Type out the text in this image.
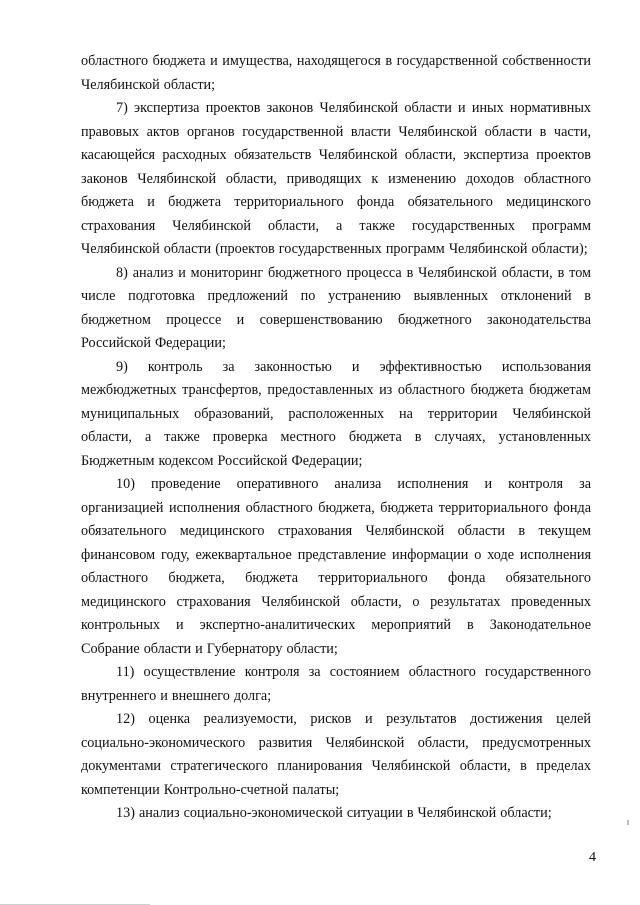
областного бюджета и имущества, находящегося в государственной собственности Челябинской области;

7) экспертиза проектов законов Челябинской области и иных нормативных правовых актов органов государственной власти Челябинской области в части, касающейся расходных обязательств Челябинской области, экспертиза проектов законов Челябинской области, приводящих к изменению доходов областного бюджета и бюджета территориального фонда обязательного медицинского страхования Челябинской области, а также государственных программ Челябинской области (проектов государственных программ Челябинской области);

8) анализ и мониторинг бюджетного процесса в Челябинской области, в том числе подготовка предложений по устранению выявленных отклонений в бюджетном процессе и совершенствованию бюджетного законодательства Российской Федерации;

9) контроль за законностью и эффективностью использования межбюджетных трансфертов, предоставленных из областного бюджета бюджетам муниципальных образований, расположенных на территории Челябинской области, а также проверка местного бюджета в случаях, установленных Бюджетным кодексом Российской Федерации;

10) проведение оперативного анализа исполнения и контроля за организацией исполнения областного бюджета, бюджета территориального фонда обязательного медицинского страхования Челябинской области в текущем финансовом году, ежеквартальное представление информации о ходе исполнения областного бюджета, бюджета территориального фонда обязательного медицинского страхования Челябинской области, о результатах проведенных контрольных и экспертно-аналитических мероприятий в Законодательное Собрание области и Губернатору области;

11) осуществление контроля за состоянием областного государственного внутреннего и внешнего долга;

12) оценка реализуемости, рисков и результатов достижения целей социально-экономического развития Челябинской области, предусмотренных документами стратегического планирования Челябинской области, в пределах компетенции Контрольно-счетной палаты;

13) анализ социально-экономической ситуации в Челябинской области;

4
